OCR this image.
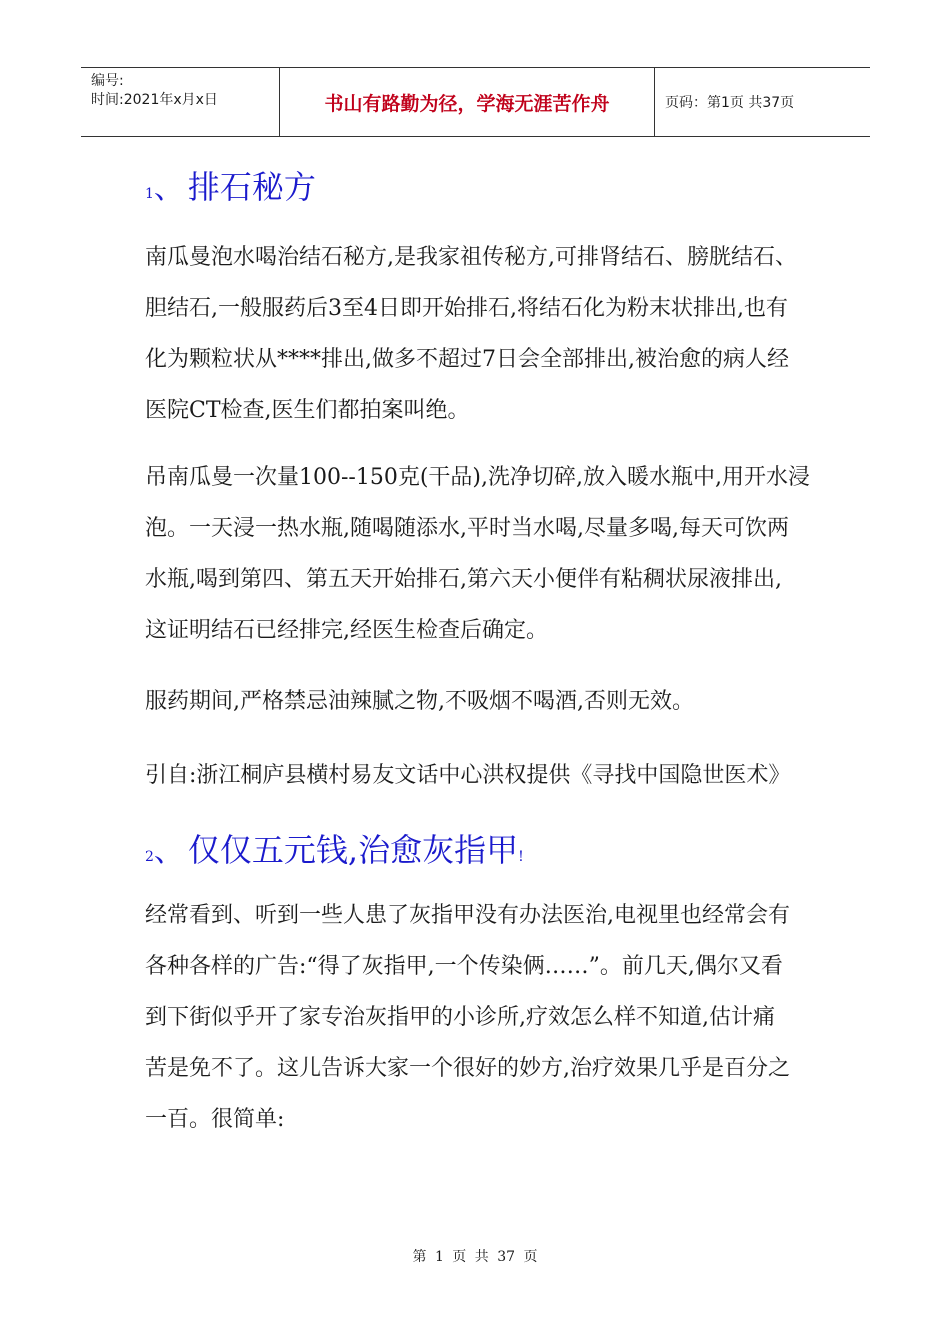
编号:
时间:2021年x月x日	书山有路勤为径，学海无涯苦作舟	页码：第1页 共37页
1 、 排石秘方
南瓜曼泡水喝治结石秘方,是我家祖传秘方,可排肾结石、膀胱结石、
胆结石,一般服药后3至4日即开始排石,将结石化为粉末状排出,也有
化为颗粒状从****排出,做多不超过7日会全部排出,被治愈的病人经
医院CT检查,医生们都拍案叫绝。
吊南瓜曼一次量100--150克(干品),洗净切碎,放入暖水瓶中,用开水浸
泡。一天浸一热水瓶,随喝随添水,平时当水喝,尽量多喝,每天可饮两
水瓶,喝到第四、第五天开始排石,第六天小便伴有粘稠状尿液排出,
这证明结石已经排完,经医生检查后确定。
服药期间,严格禁忌油辣腻之物,不吸烟不喝酒,否则无效。
引自:浙江桐庐县横村易友文话中心洪权提供《寻找中国隐世医术》
2 、 仅仅五元钱,治愈灰指甲 !
经常看到、听到一些人患了灰指甲没有办法医治,电视里也经常会有
各种各样的广告:“得了灰指甲,一个传染俩……”。前几天,偶尔又看
到下街似乎开了家专治灰指甲的小诊所,疗效怎么样不知道,估计痛
苦是免不了。这儿告诉大家一个很好的妙方,治疗效果几乎是百分之
一百。很简单:
第 1 页 共 37 页
